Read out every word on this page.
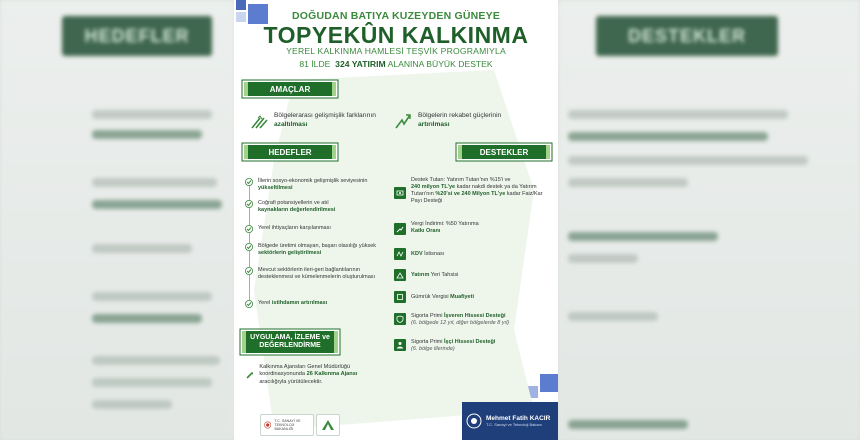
HEDEFLER	DESTEKLER
DOĞUDAN BATIYA KUZEYDEN GÜNEYE
TOPYEKÛN KALKINMA
YEREL KALKINMA HAMLESİ TEŞVİK PROGRAMIYLA
81 İLDE 324 YATIRIM ALANINA BÜYÜK DESTEK
AMAÇLAR
Bölgelerarası gelişmişlik farklarının
azaltılması
Bölgelerin rekabet güçlerinin
artırılması
HEDEFLER
İllerin sosyo-ekonomik gelişmişlik seviyesinin yükseltilmesi
Coğrafi potansiyellerin ve atıl
kaynakların değerlendirilmesi
Yerel ihtiyaçların karşılanması
Bölgede üretimi olmayan, başarı olasılığı yüksek sektörlerin geliştirilmesi
Mevcut sektörlerin ileri-geri bağlantılarının desteklenmesi ve kümelenmelerin oluşturulması
Yerel istihdamın artırılması
DESTEKLER
Destek Tutarı: Yatırım Tutarı'nın %15'i ve
240 milyon TL'ye kadar nakdi destek ya da Yatırım Tutarı'nın %20'si ve 240 Milyon TL'ye kadar Faiz/Kar Payı Desteği
Vergi İndirimi: %50 Yatırıma
Katkı Oranı
KDV İstisnası
Yatırım Yeri Tahsisi
Gümrük Vergisi Muafiyeti
Sigorta Primi İşveren Hissesi Desteği
(6. bölgede 12 yıl, diğer bölgelerde 8 yıl)
Sigorta Primi İşçi Hissesi Desteği
(6. bölge illerinde)
UYGULAMA, İZLEME ve
DEĞERLENDİRME
Kalkınma Ajansları Genel Müdürlüğü koordinasyonunda 26 Kalkınma Ajansı aracılığıyla yürütülecektir.
T.C. SANAYİ VE TEKNOLOJİ BAKANLIĞI
Mehmet Fatih KACIR
T.C. Sanayi ve Teknoloji Bakanı
